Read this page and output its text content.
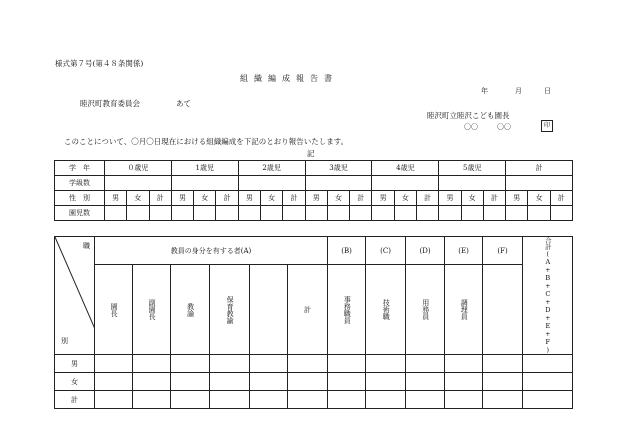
様式第７号(第４８条関係)
組織編成報告書
年	月	日
睦沢町教育委員会	あて
睦沢町立睦沢こども園長
〇〇	〇〇	印
このことについて、〇月〇日現在における組織編成を下記のとおり報告いたします。
記
学　年	０歳児			1歳児			2歳児			3歳児			4歳児			5歳児			計		
学級数																					
性　別	男	女	計	男	女	計	男	女	計	男	女	計	男	女	計	男	女	計	男	女	計
園児数																					
職
別	教員の身分を有する者(A)						(B)	(C)	(D)	(E)	(F)	合計(A+B+C+D+E+F)

	園長	副園長	教諭	保育教諭		計	事務職員	技術職	用務員	調理員		

男												
女												
計												
